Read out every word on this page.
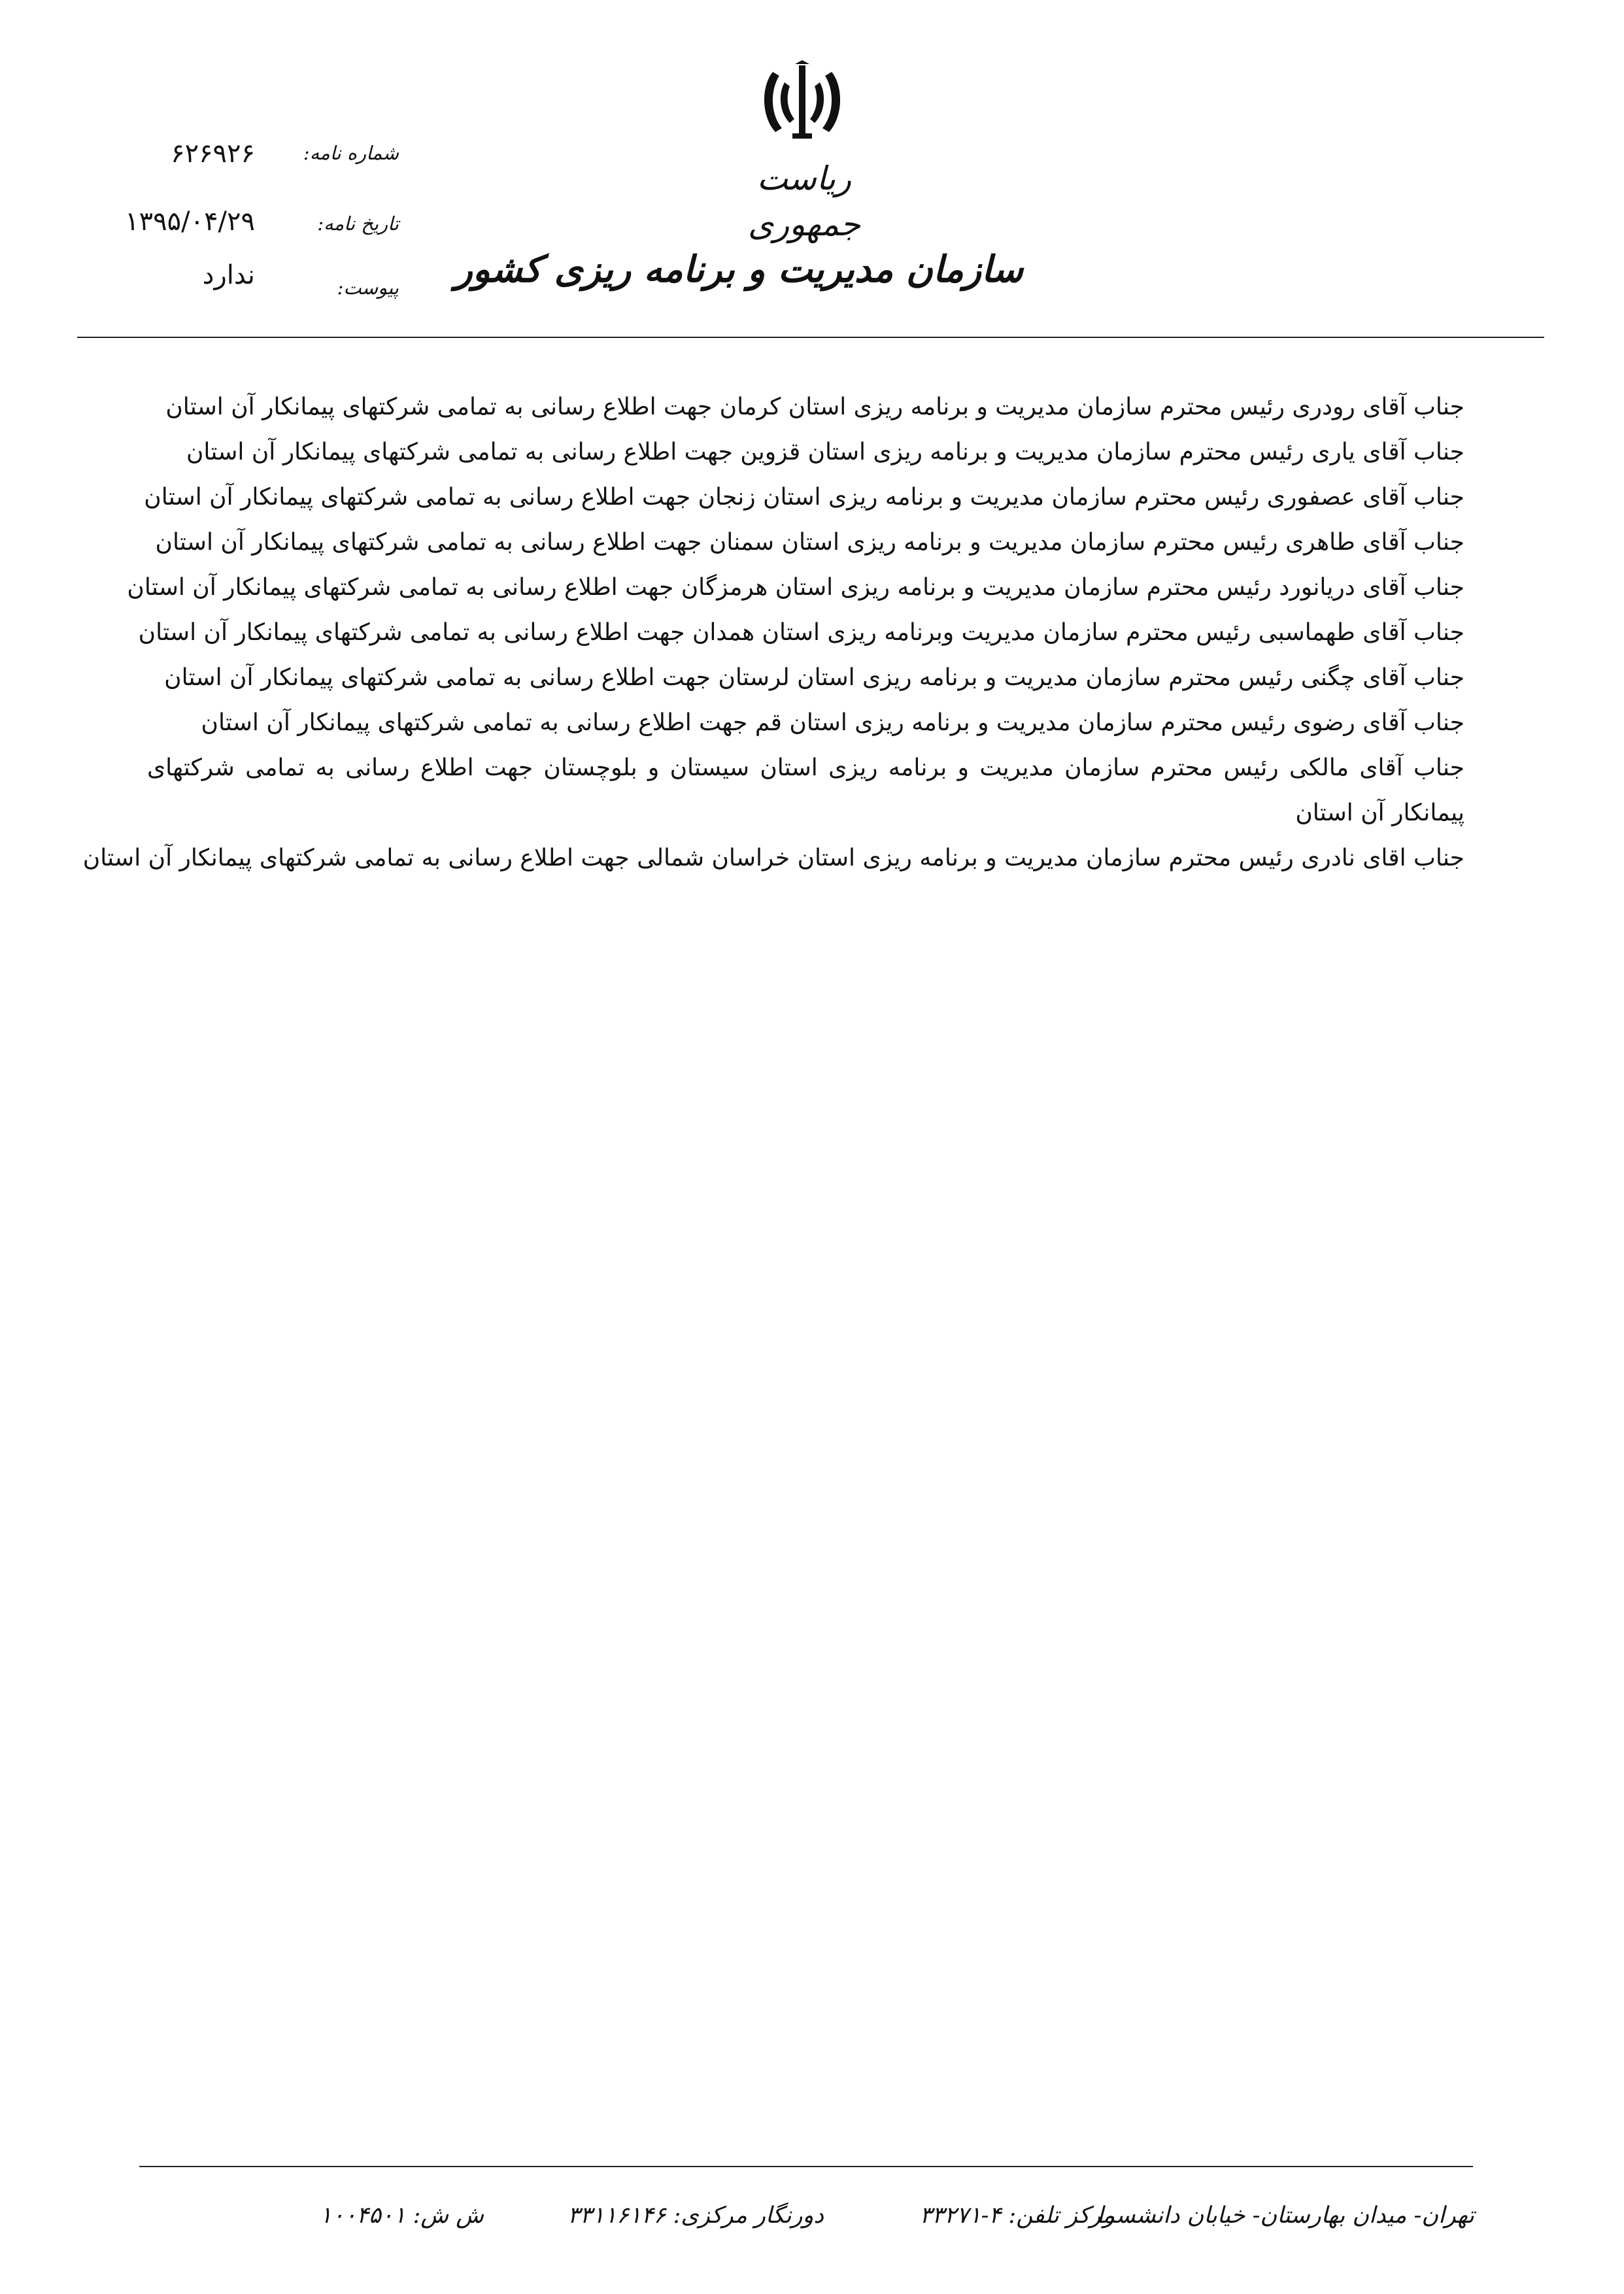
ریاست جمهوری
سازمان مدیریت و برنامه ریزی کشور
شماره نامه:
۶۲۶۹۲۶
تاریخ نامه:
۱۳۹۵/۰۴/۲۹
پیوست:
ندارد
جناب آقای رودری رئیس محترم سازمان مدیریت و برنامه ریزی استان کرمان جهت اطلاع رسانی به تمامی شرکتهای پیمانکار آن استان
جناب آقای یاری رئیس محترم سازمان مدیریت و برنامه ریزی استان قزوین جهت اطلاع رسانی به تمامی شرکتهای پیمانکار آن استان
جناب آقای عصفوری رئیس محترم سازمان مدیریت و برنامه ریزی استان زنجان جهت اطلاع رسانی به تمامی شرکتهای پیمانکار آن استان
جناب آقای طاهری رئیس محترم سازمان مدیریت و برنامه ریزی استان سمنان جهت اطلاع رسانی به تمامی شرکتهای پیمانکار آن استان
جناب آقای دریانورد رئیس محترم سازمان مدیریت و برنامه ریزی استان هرمزگان جهت اطلاع رسانی به تمامی شرکتهای پیمانکار آن استان
جناب آقای طهماسبی رئیس محترم سازمان مدیریت وبرنامه ریزی استان همدان جهت اطلاع رسانی به تمامی شرکتهای پیمانکار آن استان
جناب آقای چگنی رئیس محترم سازمان مدیریت و برنامه ریزی استان لرستان جهت اطلاع رسانی به تمامی شرکتهای پیمانکار آن استان
جناب آقای رضوی رئیس محترم سازمان مدیریت و برنامه ریزی استان قم جهت اطلاع رسانی به تمامی شرکتهای پیمانکار آن استان
جناب آقای مالکی رئیس محترم سازمان مدیریت و برنامه ریزی استان سیستان و بلوچستان جهت اطلاع رسانی به تمامی شرکتهای پیمانکار آن استان
جناب اقای نادری رئیس محترم سازمان مدیریت و برنامه ریزی استان خراسان شمالی جهت اطلاع رسانی به تمامی شرکتهای پیمانکار آن استان
تهران- میدان بهارستان- خیابان دانشسرا
مرکز تلفن: ۴-۳۳۲۷۱
دورنگار مرکزی: ۳۳۱۱۶۱۴۶
ش ش: ۱۰۰۴۵۰۱
